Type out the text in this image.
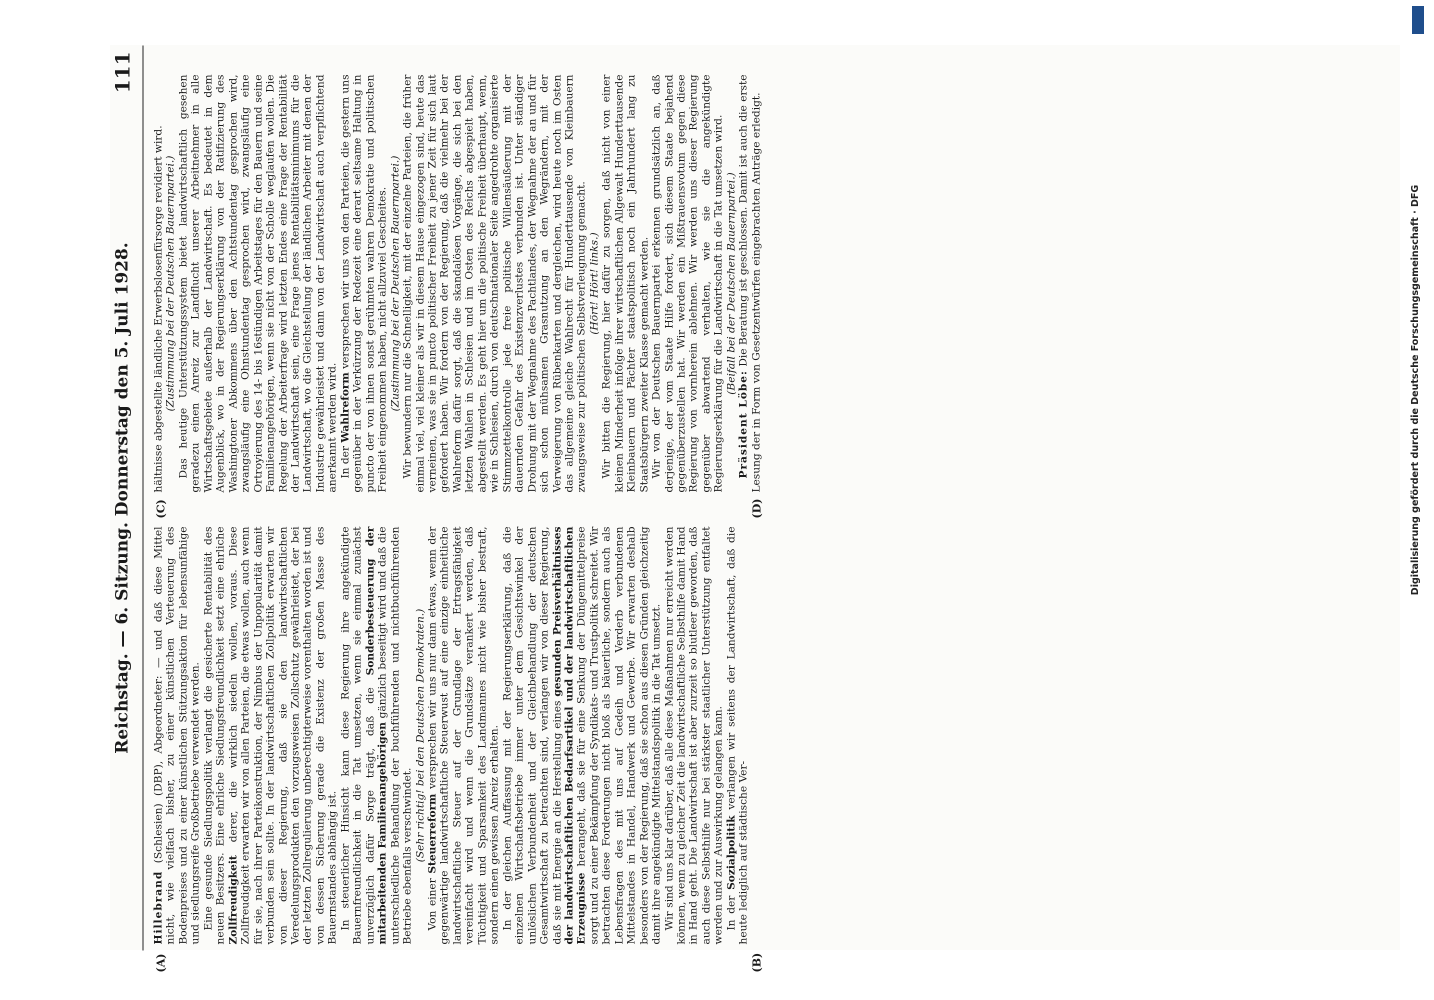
Reichstag. — 6. Sitzung. Donnerstag den 5. Juli 1928.
111
(A)	(B)
(C)	(D)

Hillebrand (Schlesien) (DBP), Abgeordneter: — und daß diese Mittel nicht, wie vielfach bisher, zu einer künstlichen Verteuerung des Bodenpreises und zu einer künstlichen Stützungsaktion für lebensunfähige und siedlungsreife Großbetriebe verwendet werden. Eine gesunde Siedlungspolitik verlangt die gesicherte Rentabilität des neuen Besitzers. Eine ehrliche Siedlungsfreundlichkeit setzt eine ehrliche Zollfreudigkeit derer, die wirklich siedeln wollen, voraus. Diese Zollfreudigkeit erwarten wir von allen Parteien, die etwas wollen, auch wenn für sie, nach ihrer Parteikonstruktion, der Nimbus der Unpopularität damit verbunden sein sollte. In der landwirtschaftlichen Zollpolitik erwarten wir von dieser Regierung, daß sie den landwirtschaftlichen Veredelungsprodukten den vorzugsweisen Zollschutz gewährleistet, der bei der letzten Zollregulierung unberechtigterweise vorenthalten worden ist und von dessen Sicherung gerade die Existenz der großen Masse des Bauernstandes abhängig ist. In steuerlicher Hinsicht kann diese Regierung ihre angekündigte Bauernfreundlichkeit in die Tat umsetzen, wenn sie einmal zunächst unverzüglich dafür Sorge trägt, daß die Sonderbesteuerung der mitarbeitenden Familienangehörigen gänzlich beseitigt wird und daß die unterschiedliche Behandlung der buchführenden und nichtbuchführenden Betriebe ebenfalls verschwindet. (Sehr richtig! bei den Deutschen Demokraten.)

Von einer Steuerreform versprechen wir uns nur dann etwas, wenn der gegenwärtige landwirtschaftliche Steuerwust auf eine einzige einheitliche landwirtschaftliche Steuer auf der Grundlage der Ertragsfähigkeit vereinfacht wird und wenn die Grundsätze verankert werden, daß Tüchtigkeit und Sparsamkeit des Landmannes nicht wie bisher bestraft, sondern einen gewissen Anreiz erhalten. In der gleichen Auffassung mit der Regierungserklärung, daß die einzelnen Wirtschaftsbetriebe immer unter dem Gesichtswinkel der unlöslichen Verbundenheit und der Gleichbehandlung der deutschen Gesamtwirtschaft zu betrachten sind, verlangen wir von dieser Regierung, daß sie mit Energie an die Herstellung eines gesunden Preisverhältnisses der landwirtschaftlichen Bedarfsartikel und der landwirtschaftlichen Erzeugnisse herangeht, daß sie für eine Senkung der Düngemittelpreise sorgt und zu einer Bekämpfung der Syndikats- und Trustpolitik schreitet. Wir betrachten diese Forderungen nicht bloß als bäuerliche, sondern auch als Lebensfragen des mit uns auf Gedeih und Verderb verbundenen Mittelstandes in Handel, Handwerk und Gewerbe. Wir erwarten deshalb besonders von der Regierung, daß sie schon aus diesen Gründen gleichzeitig damit ihre angekündigte Mittelstandspolitik in die Tat umsetzt. Wir sind uns klar darüber, daß alle diese Maßnahmen nur erreicht werden können, wenn zu gleicher Zeit die landwirtschaftliche Selbsthilfe damit Hand in Hand geht. Die Landwirtschaft ist aber zurzeit so blutleer geworden, daß auch diese Selbsthilfe nur bei stärkster staatlicher Unterstützung entfaltet werden und zur Auswirkung gelangen kann. In der Sozialpolitik verlangen wir seitens der Landwirtschaft, daß die heute lediglich auf städtische Ver-

hältnisse abgestellte ländliche Erwerbslosenfürsorge revidiert wird. (Zustimmung bei der Deutschen Bauernpartei.) Das heutige Unterstützungssystem bietet landwirtschaftlich gesehen geradezu einen Anreiz zur Landflucht unserer Arbeitnehmer in alle Wirtschaftsgebiete außerhalb der Landwirtschaft. Es bedeutet in dem Augenblick, wo in der Regierungserklärung von der Ratifizierung des Washingtoner Abkommens über den Achtstundentag gesprochen wird, zwangsläufig eine Ohnstundentag gesprochen wird, zwangsläufig eine Ortroyierung des 14- bis 16stündigen Arbeitstages für den Bauern und seine Familienangehörigen, wenn sie nicht von der Scholle weglaufen wollen. Die Regelung der Arbeiterfrage wird letzten Endes eine Frage der Rentabilität der Landwirtschaft sein, eine Frage jenes Rentabilitätsminimums für die Landwirtschaft, wo die Gleichstellung der ländlichen Arbeiter mit denen der Industrie gewährleistet und dann von der Landwirtschaft auch verpflichtend anerkannt werden wird. In der Wahlreform versprechen wir uns von den Parteien, die gestern uns gegenüber in der Verkürzung der Redezeit eine derart seltsame Haltung in puncto der von ihnen sonst gerühmten wahren Demokratie und politischen Freiheit eingenommen haben, nicht allzuviel Gescheites. (Zustimmung bei der Deutschen Bauernpartei.) Wir bewundern nur die Schnelligkeit, mit der einzelne Parteien, die früher einmal viel, viel kleiner als wir in diesem Hause eingezogen sind, heute das verneinen, was sie in puncto politischer Freiheit zu jener Zeit für sich laut gefordert haben. Wir fordern von der Regierung, daß die vielmehr bei der Wahlreform dafür sorgt, daß die skandalösen Vorgänge, die sich bei den letzten Wahlen in Schlesien und im Osten des Reichs abgespielt haben, abgestellt werden. Es geht hier um die politische Freiheit überhaupt, wenn, wie in Schlesien, durch von deutschnationaler Seite angedrohte organisierte Stimmzettelkontrolle jede freie politische Willensäußerung mit der dauernden Gefahr des Existenzverlustes verbunden ist. Unter ständiger Drohung mit der Wegnahme des Pachtlandes, der Wegnahme der an und für sich schon mühsamen Grasnutzung an den Wegrändern, mit der Verweigerung von Rübenkarten und dergleichen, wird heute noch im Osten das allgemeine gleiche Wahlrecht für Hunderttausende von Kleinbauern zwangsweise zur politischen Selbstverleugnung gemacht. (Hört! Hört! links.) Wir bitten die Regierung, hier dafür zu sorgen, daß nicht von einer kleinen Minderheit infolge ihrer wirtschaftlichen Allgewalt Hunderttausende Kleinbauern und Pächter staatspolitisch noch ein Jahrhundert lang zu Staatsbürgern zweiter Klasse gemacht werden. Wir von der Deutschen Bauernpartei erkennen grundsätzlich an, daß derjenige, der vom Staate Hilfe fordert, sich diesem Staate bejahend gegenüberzustellen hat. Wir werden ein Mißtrauensvotum gegen diese Regierung von vornherein ablehnen. Wir werden uns dieser Regierung gegenüber abwartend verhalten, wie sie die angekündigte Regierungserklärung für die Landwirtschaft in die Tat umsetzen wird. (Beifall bei der Deutschen Bauernpartei.)

Präsident Löbe: Die Beratung ist geschlossen. Damit ist auch die erste Lesung der in Form von Gesetzentwürfen eingebrachten Anträge erledigt.	Digitalisierung gefördert durch die Deutsche Forschungsgemeinschaft · DFG
